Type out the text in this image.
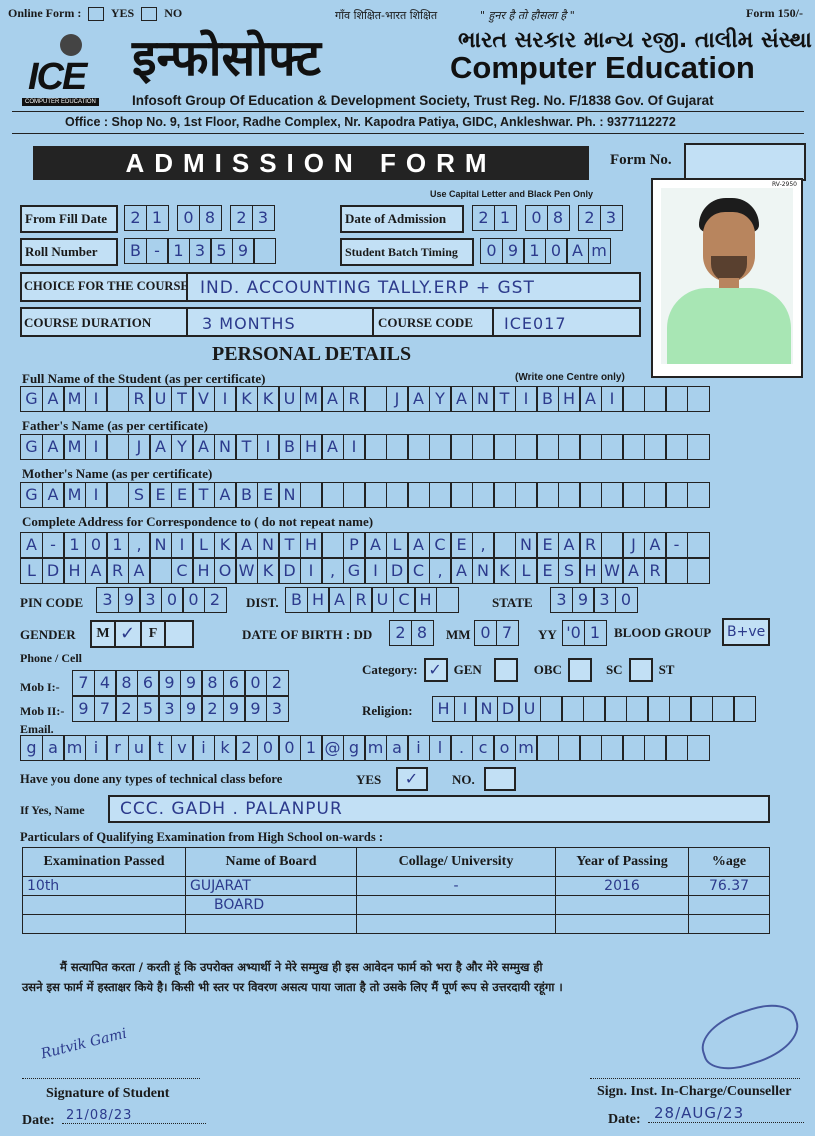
Online Form : YES	NO	गाँव शिक्षित-भारत शिक्षित	" हुनर है तो हौसला है "	Form 150/-
ICE
COMPUTER EDUCATION
इन्फोसोफ्ट	ભારત સરકાર માન્ય રજી. તાલીમ સંસ્થા
Computer Education
Infosoft Group Of Education & Development Society, Trust Reg. No. F/1838 Gov. Of Gujarat
Office : Shop No. 9, 1st Floor, Radhe Complex, Nr. Kapodra Patiya, GIDC, Ankleshwar. Ph. : 9377112272
ADMISSION FORM	Form No.
Use Capital Letter and Black Pen Only
RV-2950
From Fill Date	2 1	0 8	2 3	Date of Admission	2 1	0 8	2 3
Roll Number	B - 1 3 5 9	Student Batch Timing	0 9 1 0 A m
CHOICE FOR THE COURSE IND. ACCOUNTING TALLY.ERP + GST
COURSE DURATION	3 MONTHS	COURSE CODE ICE017
PERSONAL DETAILS
Full Name of the Student (as per certificate)	(Write one Centre only)
G A M I	R U T V I K K U M A R	J A Y A N T I B H A I
Father's Name (as per certificate)
G A M I	J A Y A N T I B H A I
Mother's Name (as per certificate)
G A M I	S E E T A B E N
Complete Address for Correspondence to ( do not repeat name)
A - 1 0 1 , N I L K A N T H	P A L A C E ,	N E A R	J A -
L D H A R A	C H O W K D I	, G I D C , A N K L E S H W A R
PIN CODE	3 9 3 0 0 2	DIST. B H A R U C H	STATE	3 9 3 0
GENDER	M ✓ F	DATE OF BIRTH : DD	2 8	MM 0 7	YY '0 1	BLOOD GROUP	B+ve
Phone / Cell
Mob I:-	7 4 8 6 9 9 8 6 0 2
Mob II:- 9 7 2 5 3 9 2 9 9 3
Category: ✓ GEN	OBC	SC	ST
Religion:	H I N D U
Email.
g a m i r u t v i k 2 0 0 1 @ g m a i	l	. c o m
Have you done any types of technical class before	YES	✓	NO.
If Yes, Name	CCC. GADH . PALANPUR
Particulars of Qualifying Examination from High School on-wards :
Examination Passed	Name of Board	Collage/ University	Year of Passing	%age
10th	GUJARAT	-	2016	76.37
	BOARD			

मैं सत्यापित करता / करती हूं कि उपरोक्त अभ्यार्थी ने मेरे सम्मुख ही इस आवेदन फार्म को भरा है और मेरे सम्मुख ही
उसने इस फार्म में हस्ताक्षर किये है। किसी भी स्तर पर विवरण असत्य पाया जाता है तो उसके लिए मैं पूर्ण रूप से उत्तरदायी रहूंगा ।
Rutvik Gami
Signature of Student
Date: 21/08/23
Sign. Inst. In-Charge/Counseller
Date: 28/AUG/23
